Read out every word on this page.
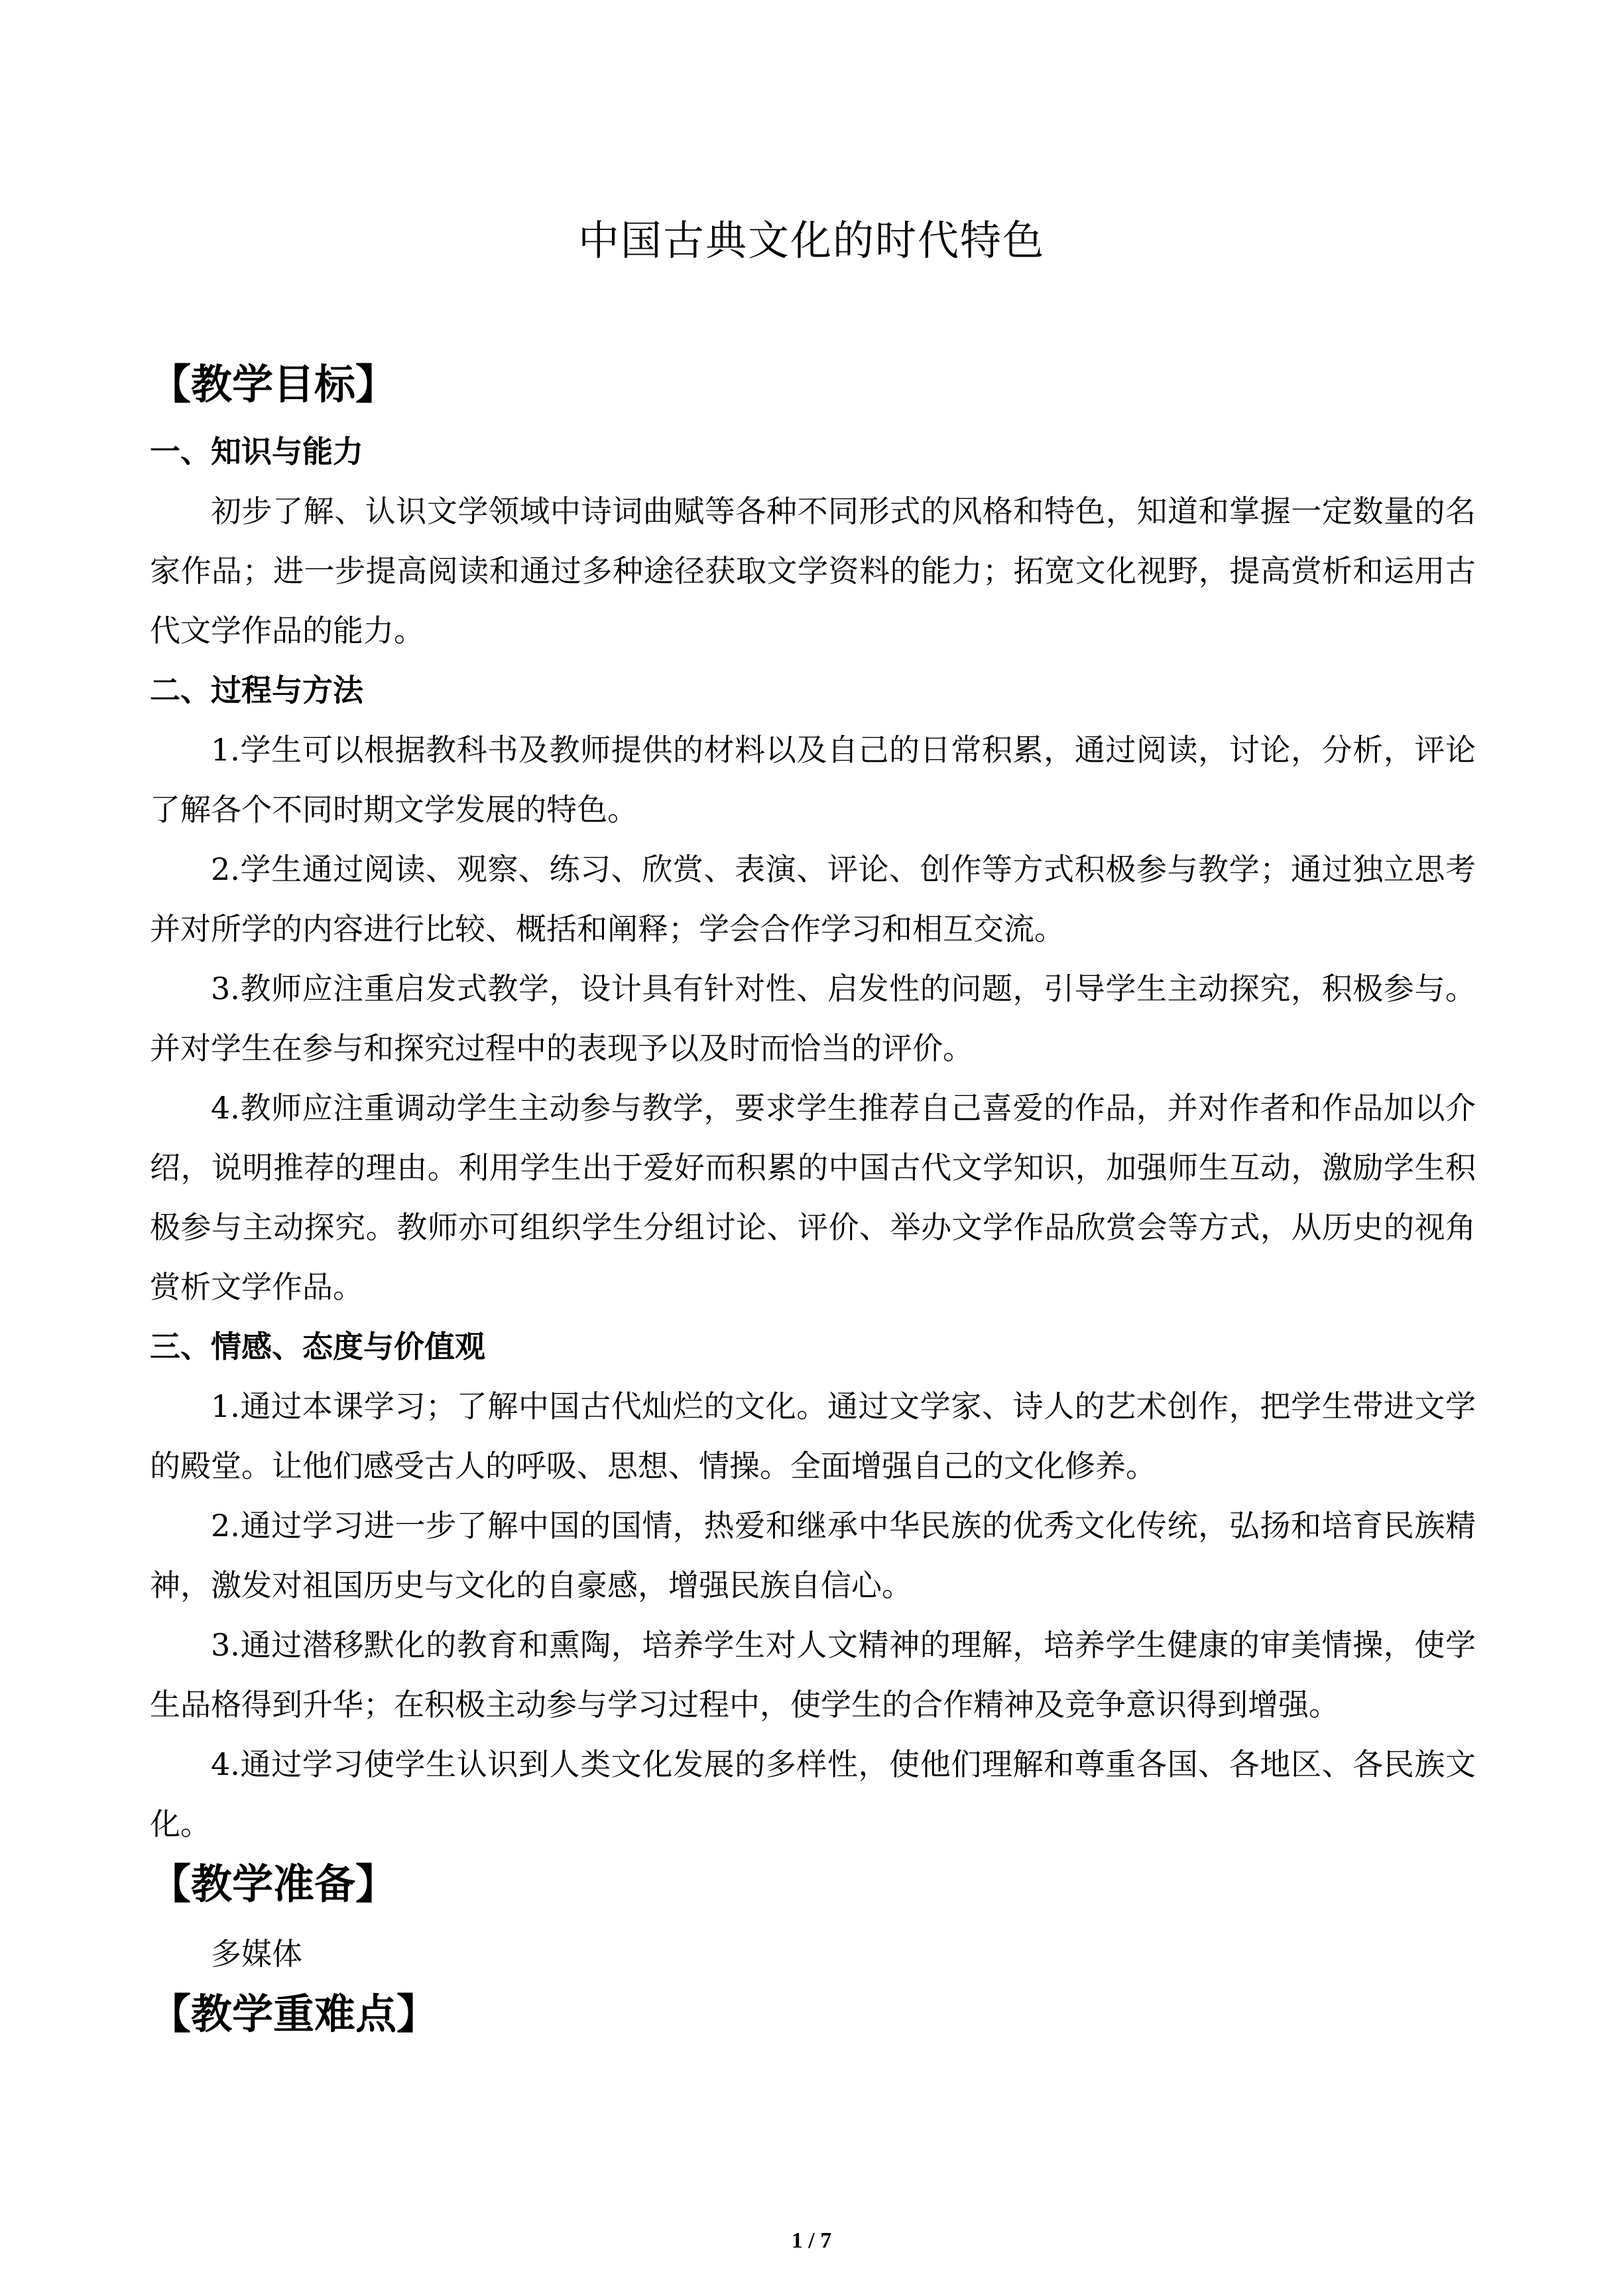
中国古典文化的时代特色
【教学目标】
一、知识与能力

初步了解、认识文学领域中诗词曲赋等各种不同形式的风格和特色，知道和掌握一定数量的名家作品；进一步提高阅读和通过多种途径获取文学资料的能力；拓宽文化视野，提高赏析和运用古代文学作品的能力。

二、过程与方法

1.学生可以根据教科书及教师提供的材料以及自己的日常积累，通过阅读，讨论，分析，评论了解各个不同时期文学发展的特色。

2.学生通过阅读、观察、练习、欣赏、表演、评论、创作等方式积极参与教学；通过独立思考并对所学的内容进行比较、概括和阐释；学会合作学习和相互交流。

3.教师应注重启发式教学，设计具有针对性、启发性的问题，引导学生主动探究，积极参与。并对学生在参与和探究过程中的表现予以及时而恰当的评价。

4.教师应注重调动学生主动参与教学，要求学生推荐自己喜爱的作品，并对作者和作品加以介绍，说明推荐的理由。利用学生出于爱好而积累的中国古代文学知识，加强师生互动，激励学生积极参与主动探究。教师亦可组织学生分组讨论、评价、举办文学作品欣赏会等方式，从历史的视角赏析文学作品。

三、情感、态度与价值观

1.通过本课学习；了解中国古代灿烂的文化。通过文学家、诗人的艺术创作，把学生带进文学的殿堂。让他们感受古人的呼吸、思想、情操。全面增强自己的文化修养。

2.通过学习进一步了解中国的国情，热爱和继承中华民族的优秀文化传统，弘扬和培育民族精神，激发对祖国历史与文化的自豪感，增强民族自信心。

3.通过潜移默化的教育和熏陶，培养学生对人文精神的理解，培养学生健康的审美情操，使学生品格得到升华；在积极主动参与学习过程中，使学生的合作精神及竞争意识得到增强。

4.通过学习使学生认识到人类文化发展的多样性，使他们理解和尊重各国、各地区、各民族文化。

【教学准备】

多媒体

【教学重难点】
1 / 7
